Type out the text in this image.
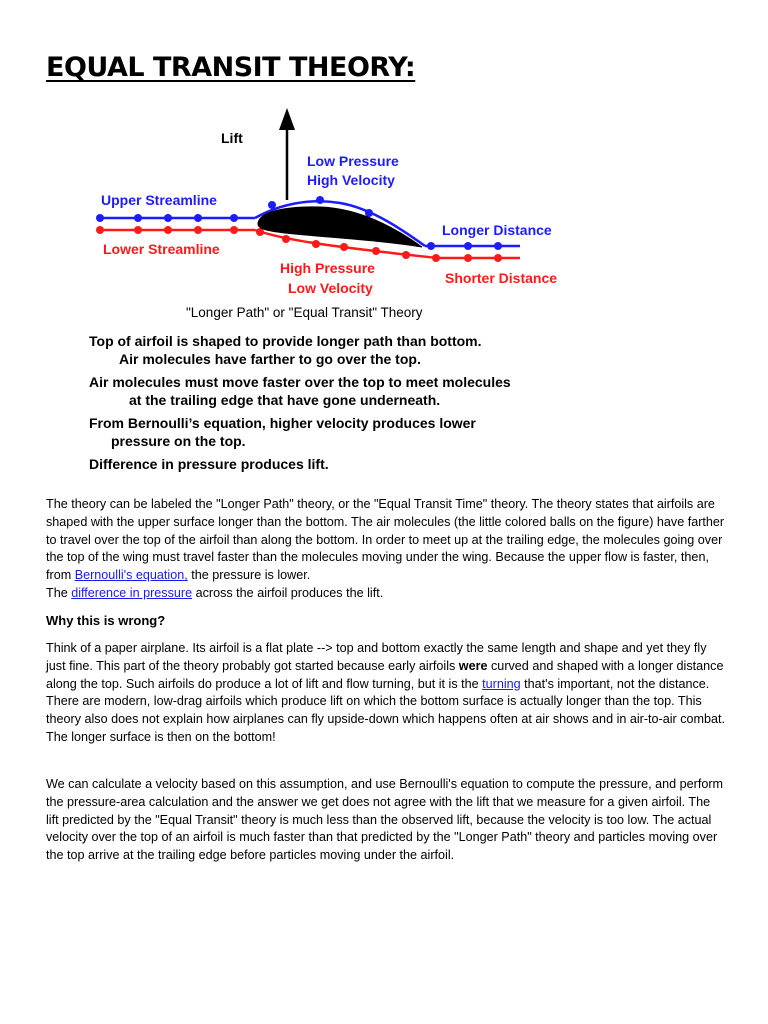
EQUAL TRANSIT THEORY:
Lift
Low Pressure
High Velocity
Upper Streamline
Lower Streamline
Longer Distance
Shorter Distance
High Pressure
Low Velocity
"Longer Path" or "Equal Transit" Theory

Top of airfoil is shaped to provide longer path than bottom.
Air molecules have farther to go over the top.

Air molecules must move faster over the top to meet molecules
at the trailing edge that have gone underneath.

From Bernoulli’s equation, higher velocity produces lower
pressure on the top.

Difference in pressure produces lift.

The theory can be labeled the "Longer Path" theory, or the "Equal Transit Time" theory. The theory states that airfoils are shaped with the upper surface longer than the bottom. The air molecules (the little colored balls on the figure) have farther to travel over the top of the airfoil than along the bottom. In order to meet up at the trailing edge, the molecules going over the top of the wing must travel faster than the molecules moving under the wing. Because the upper flow is faster, then, from Bernoulli's equation, the pressure is lower.
The difference in pressure across the airfoil produces the lift.

Why this is wrong?

Think of a paper airplane. Its airfoil is a flat plate --> top and bottom exactly the same length and shape and yet they fly just fine. This part of the theory probably got started because early airfoils were curved and shaped with a longer distance along the top. Such airfoils do produce a lot of lift and flow turning, but it is the turning that's important, not the distance. There are modern, low-drag airfoils which produce lift on which the bottom surface is actually longer than the top. This theory also does not explain how airplanes can fly upside-down which happens often at air shows and in air-to-air combat. The longer surface is then on the bottom!

We can calculate a velocity based on this assumption, and use Bernoulli's equation to compute the pressure, and perform the pressure-area calculation and the answer we get does not agree with the lift that we measure for a given airfoil. The lift predicted by the "Equal Transit" theory is much less than the observed lift, because the velocity is too low. The actual velocity over the top of an airfoil is much faster than that predicted by the "Longer Path" theory and particles moving over the top arrive at the trailing edge before particles moving under the airfoil.
